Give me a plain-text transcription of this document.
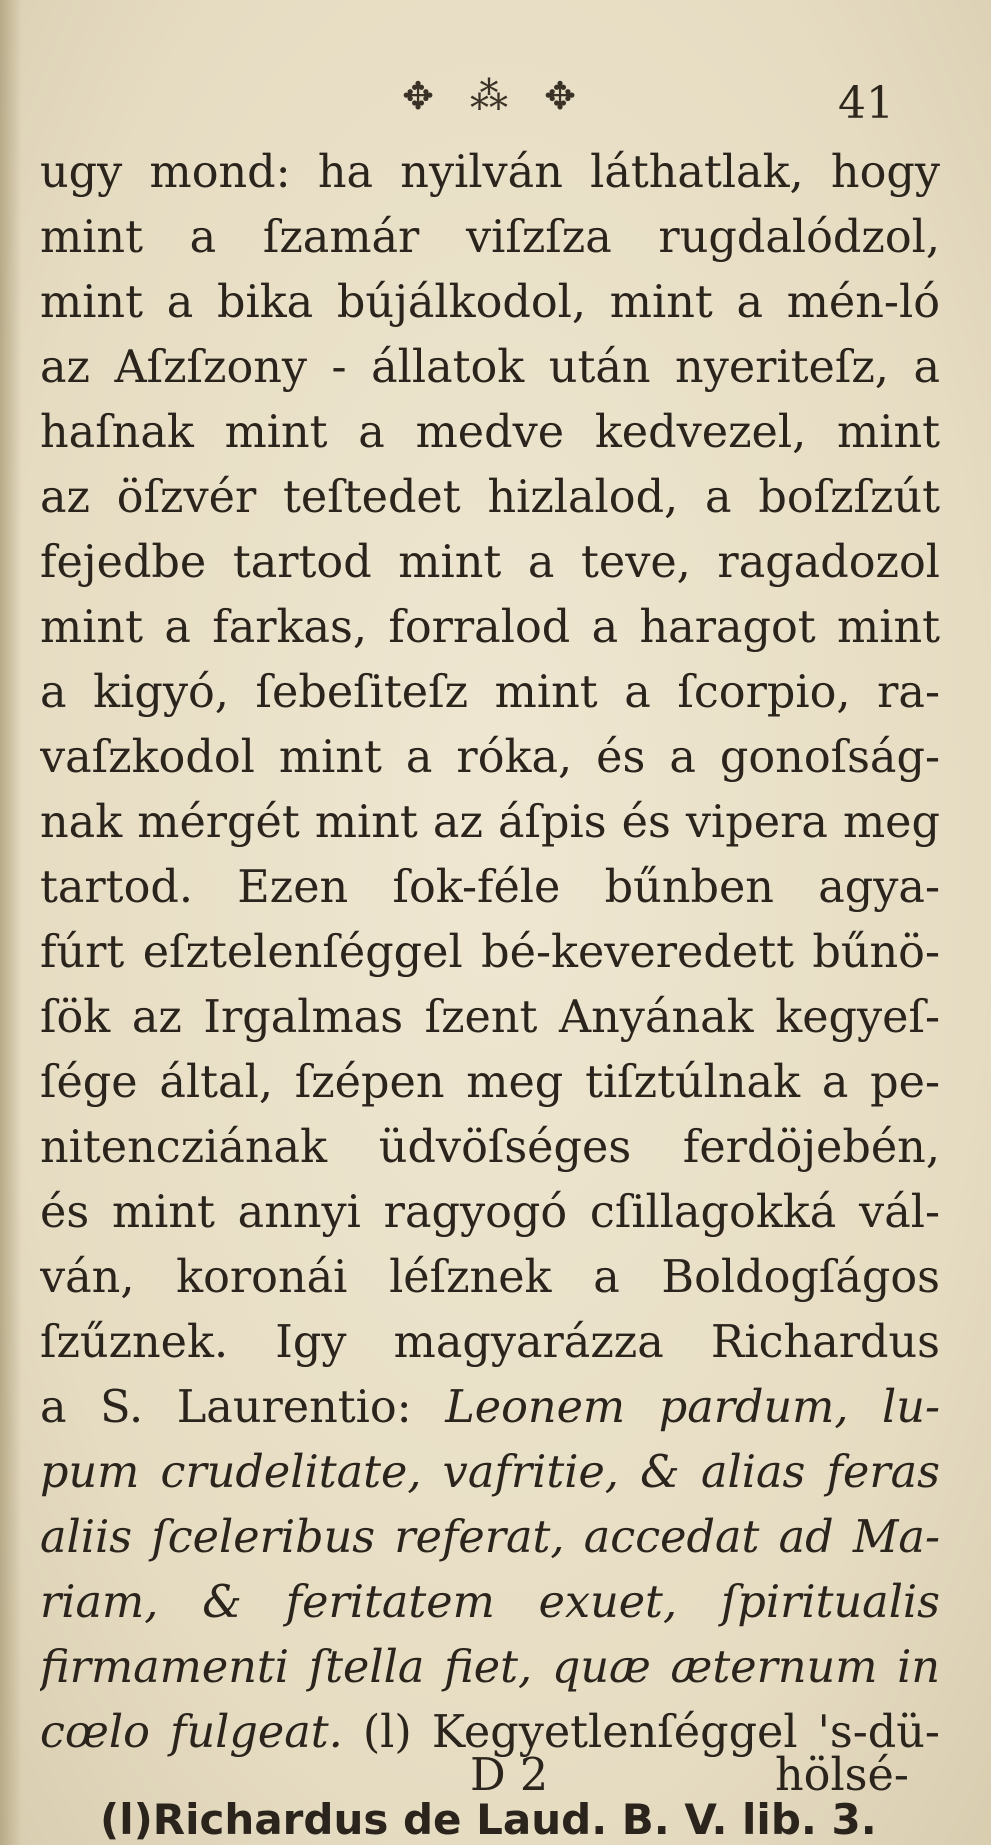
✥ ⁂ ✥	41
ugy mond: ha nyilván láthatlak, hogy
mint a ſzamár viſzſza rugdalódzol,
mint a bika bújálkodol, mint a mén-ló
az Aſzſzony - állatok után nyeriteſz, a
haſnak mint a medve kedvezel, mint
az öſzvér teſtedet hizlalod, a boſzſzút
fejedbe tartod mint a teve, ragadozol
mint a farkas, forralod a haragot mint
a kigyó, ſebeſiteſz mint a ſcorpio, ra-
vaſzkodol mint a róka, és a gonoſság-
nak mérgét mint az áſpis és vipera meg
tartod. Ezen ſok-féle bűnben agya-
fúrt eſztelenſéggel bé-keveredett bűnö-
ſök az Irgalmas ſzent Anyának kegyeſ-
ſége által, ſzépen meg tiſztúlnak a pe-
nitencziának üdvöſséges ferdöjebén,
és mint annyi ragyogó cſillagokká vál-
ván, koronái léſznek a Boldogſágos
ſzűznek. Igy magyarázza Richardus
a S. Laurentio: Leonem pardum, lu-
pum crudelitate, vafritie, & alias feras
aliis ſceleribus referat, accedat ad Ma-
riam, & feritatem exuet, ſpiritualis
firmamenti ſtella fiet, quæ æternum in
cœlo fulgeat. (l) Kegyetlenſéggel 's-dü-
D 2	hölsé-
(l)Richardus de Laud. B. V. lib. 3.
